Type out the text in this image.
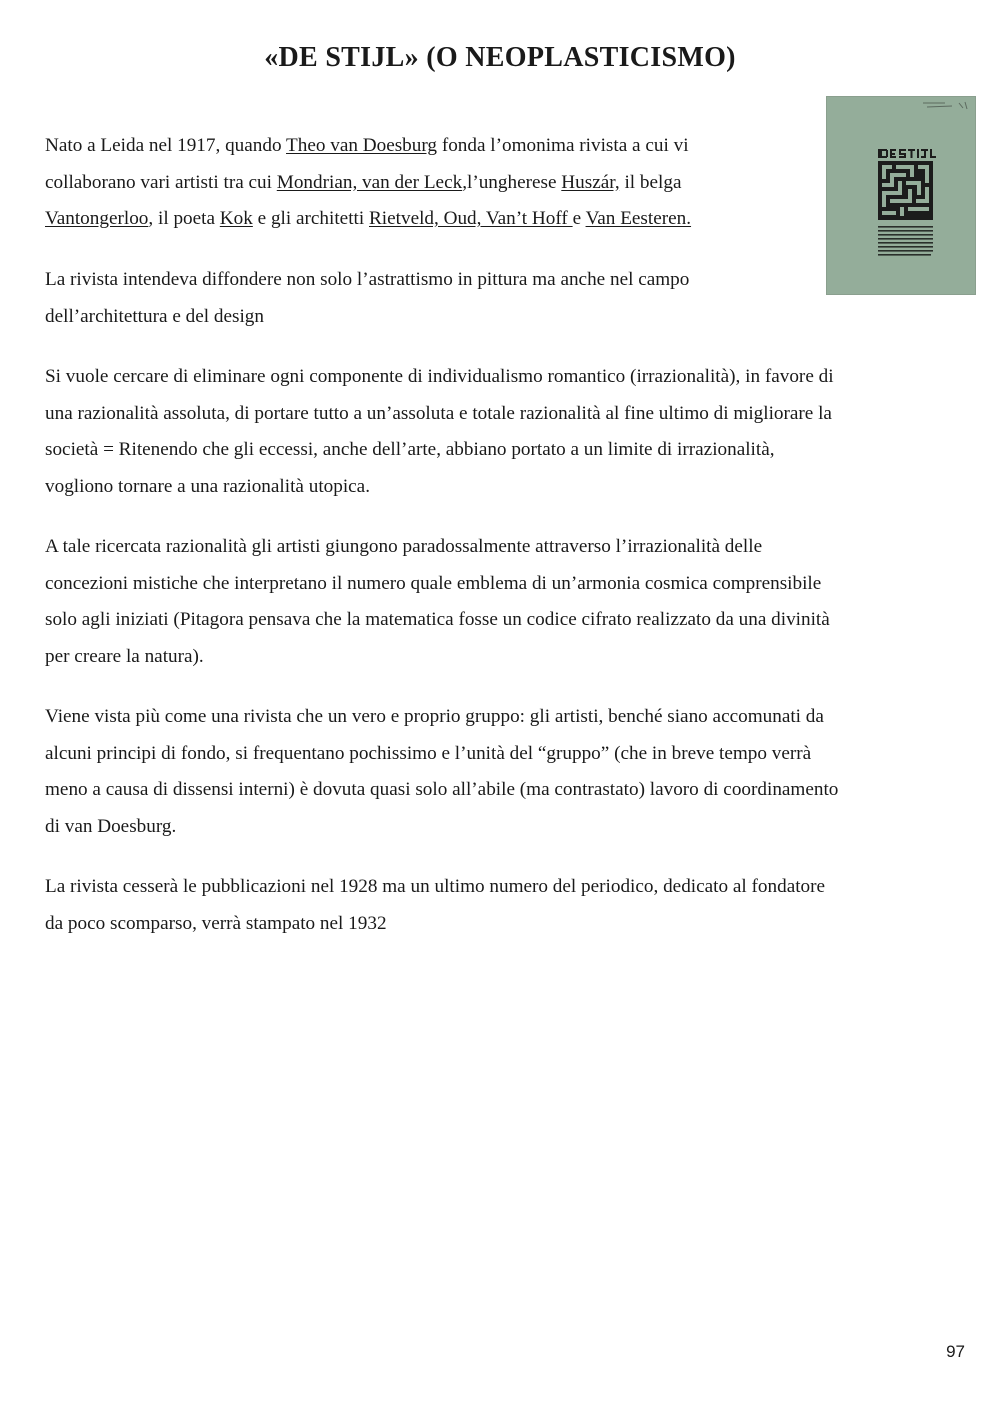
«DE STIJL» (O NEOPLASTICISMO)

Nato a Leida nel 1917, quando Theo van Doesburg fonda l’omonima rivista a cui vi
collaborano vari artisti tra cui Mondrian, van der Leck,l’ungherese Huszár, il belga
Vantongerloo, il poeta Kok e gli architetti Rietveld, Oud, Van’t Hoff e Van Eesteren.

La rivista intendeva diffondere non solo l’astrattismo in pittura ma anche nel campo
dell’architettura e del design

Si vuole cercare di eliminare ogni componente di individualismo romantico (irrazionalità), in favore di
una razionalità assoluta, di portare tutto a un’assoluta e totale razionalità al fine ultimo di migliorare la
società = Ritenendo che gli eccessi, anche dell’arte, abbiano portato a un limite di irrazionalità,
vogliono tornare a una razionalità utopica.

A tale ricercata razionalità gli artisti giungono paradossalmente attraverso l’irrazionalità delle
concezioni mistiche che interpretano il numero quale emblema di un’armonia cosmica comprensibile
solo agli iniziati (Pitagora pensava che la matematica fosse un codice cifrato realizzato da una divinità
per creare la natura).

Viene vista più come una rivista che un vero e proprio gruppo: gli artisti, benché siano accomunati da
alcuni principi di fondo, si frequentano pochissimo e l’unità del “gruppo” (che in breve tempo verrà
meno a causa di dissensi interni) è dovuta quasi solo all’abile (ma contrastato) lavoro di coordinamento
di van Doesburg.

La rivista cesserà le pubblicazioni nel 1928 ma un ultimo numero del periodico, dedicato al fondatore
da poco scomparso, verrà stampato nel 1932

97
